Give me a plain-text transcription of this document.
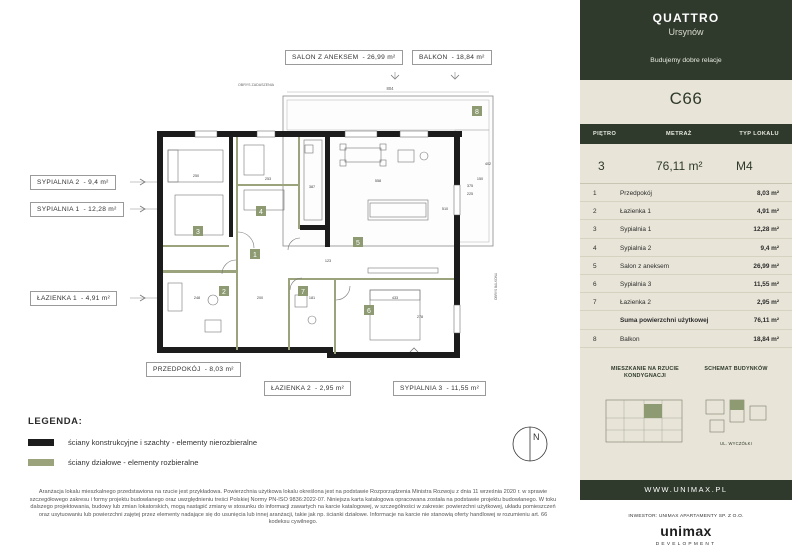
SALON Z ANEKSEM - 26,99 m²	BALKON - 18,84 m²
SYPIALNIA 2 - 9,4 m²
SYPIALNIA 1 - 12,28 m²
ŁAZIENKA 1 - 4,91 m²
PRZEDPOKÓJ - 8,03 m²
ŁAZIENKA 2 - 2,95 m²	SYPIALNIA 3 - 11,55 m²
804
OBRYS ZADASZENIA
OBRYS BALKONU
1
2
3
4
5
6
7
8
250
253
387
558
375
150
225
510
433
248	200	181
123
278
402
LEGENDA:
ściany konstrukcyjne i szachty - elementy nierozbieralne
ściany działowe - elementy rozbieralne
N
Aranżacja lokalu mieszkalnego przedstawiona na rzucie jest przykładowa. Powierzchnia użytkowa lokalu określona jest na podstawie Rozporządzenia Ministra Rozwoju z dnia 11 września 2020 r. w sprawie szczegółowego zakresu i formy projektu budowlanego oraz uwzględnieniu treści Polskiej Normy PN-ISO 9836:2022-07. Niniejsza karta katalogowa opracowana została na podstawie projektu budowlanego. W toku dalszego projektowania, budowy lub zmian lokatorskich, mogą nastąpić zmiany w stosunku do informacji zawartych na karcie katalogowej, w szczególności w zakresie: powierzchni użytkowej, układu pomieszczeń oraz usytuowaniu lub powierzchni zajętej przez elementy nadające się do usunięcia lub innej aranżacji, takie jak np. ścianki działowe. Informacje na karcie nie stanowią oferty handlowej w rozumieniu art. 66 kodeksu cywilnego.
QUATTRO
Ursynów
Budujemy dobre relacje
C66
PIĘTRO	METRAŻ	TYP LOKALU
3	76,11 m²	M4
1	Przedpokój	8,03 m²
2	Łazienka 1	4,91 m²
3	Sypialnia 1	12,28 m²
4	Sypialnia 2	9,4 m²
5	Salon z aneksem	26,99 m²
6	Sypialnia 3	11,55 m²
7	Łazienka 2	2,95 m²
Suma powierzchni użytkowej	76,11 m²
8	Balkon	18,84 m²
MIESZKANIE NA RZUCIE KONDYGNACJI
SCHEMAT BUDYNKÓW
UL. WYCZÓŁKI
WWW.UNIMAX.PL
INWESTOR: UNIMAX APARTAMENTY SP. Z O.O.
unimax
DEVELOPMENT
